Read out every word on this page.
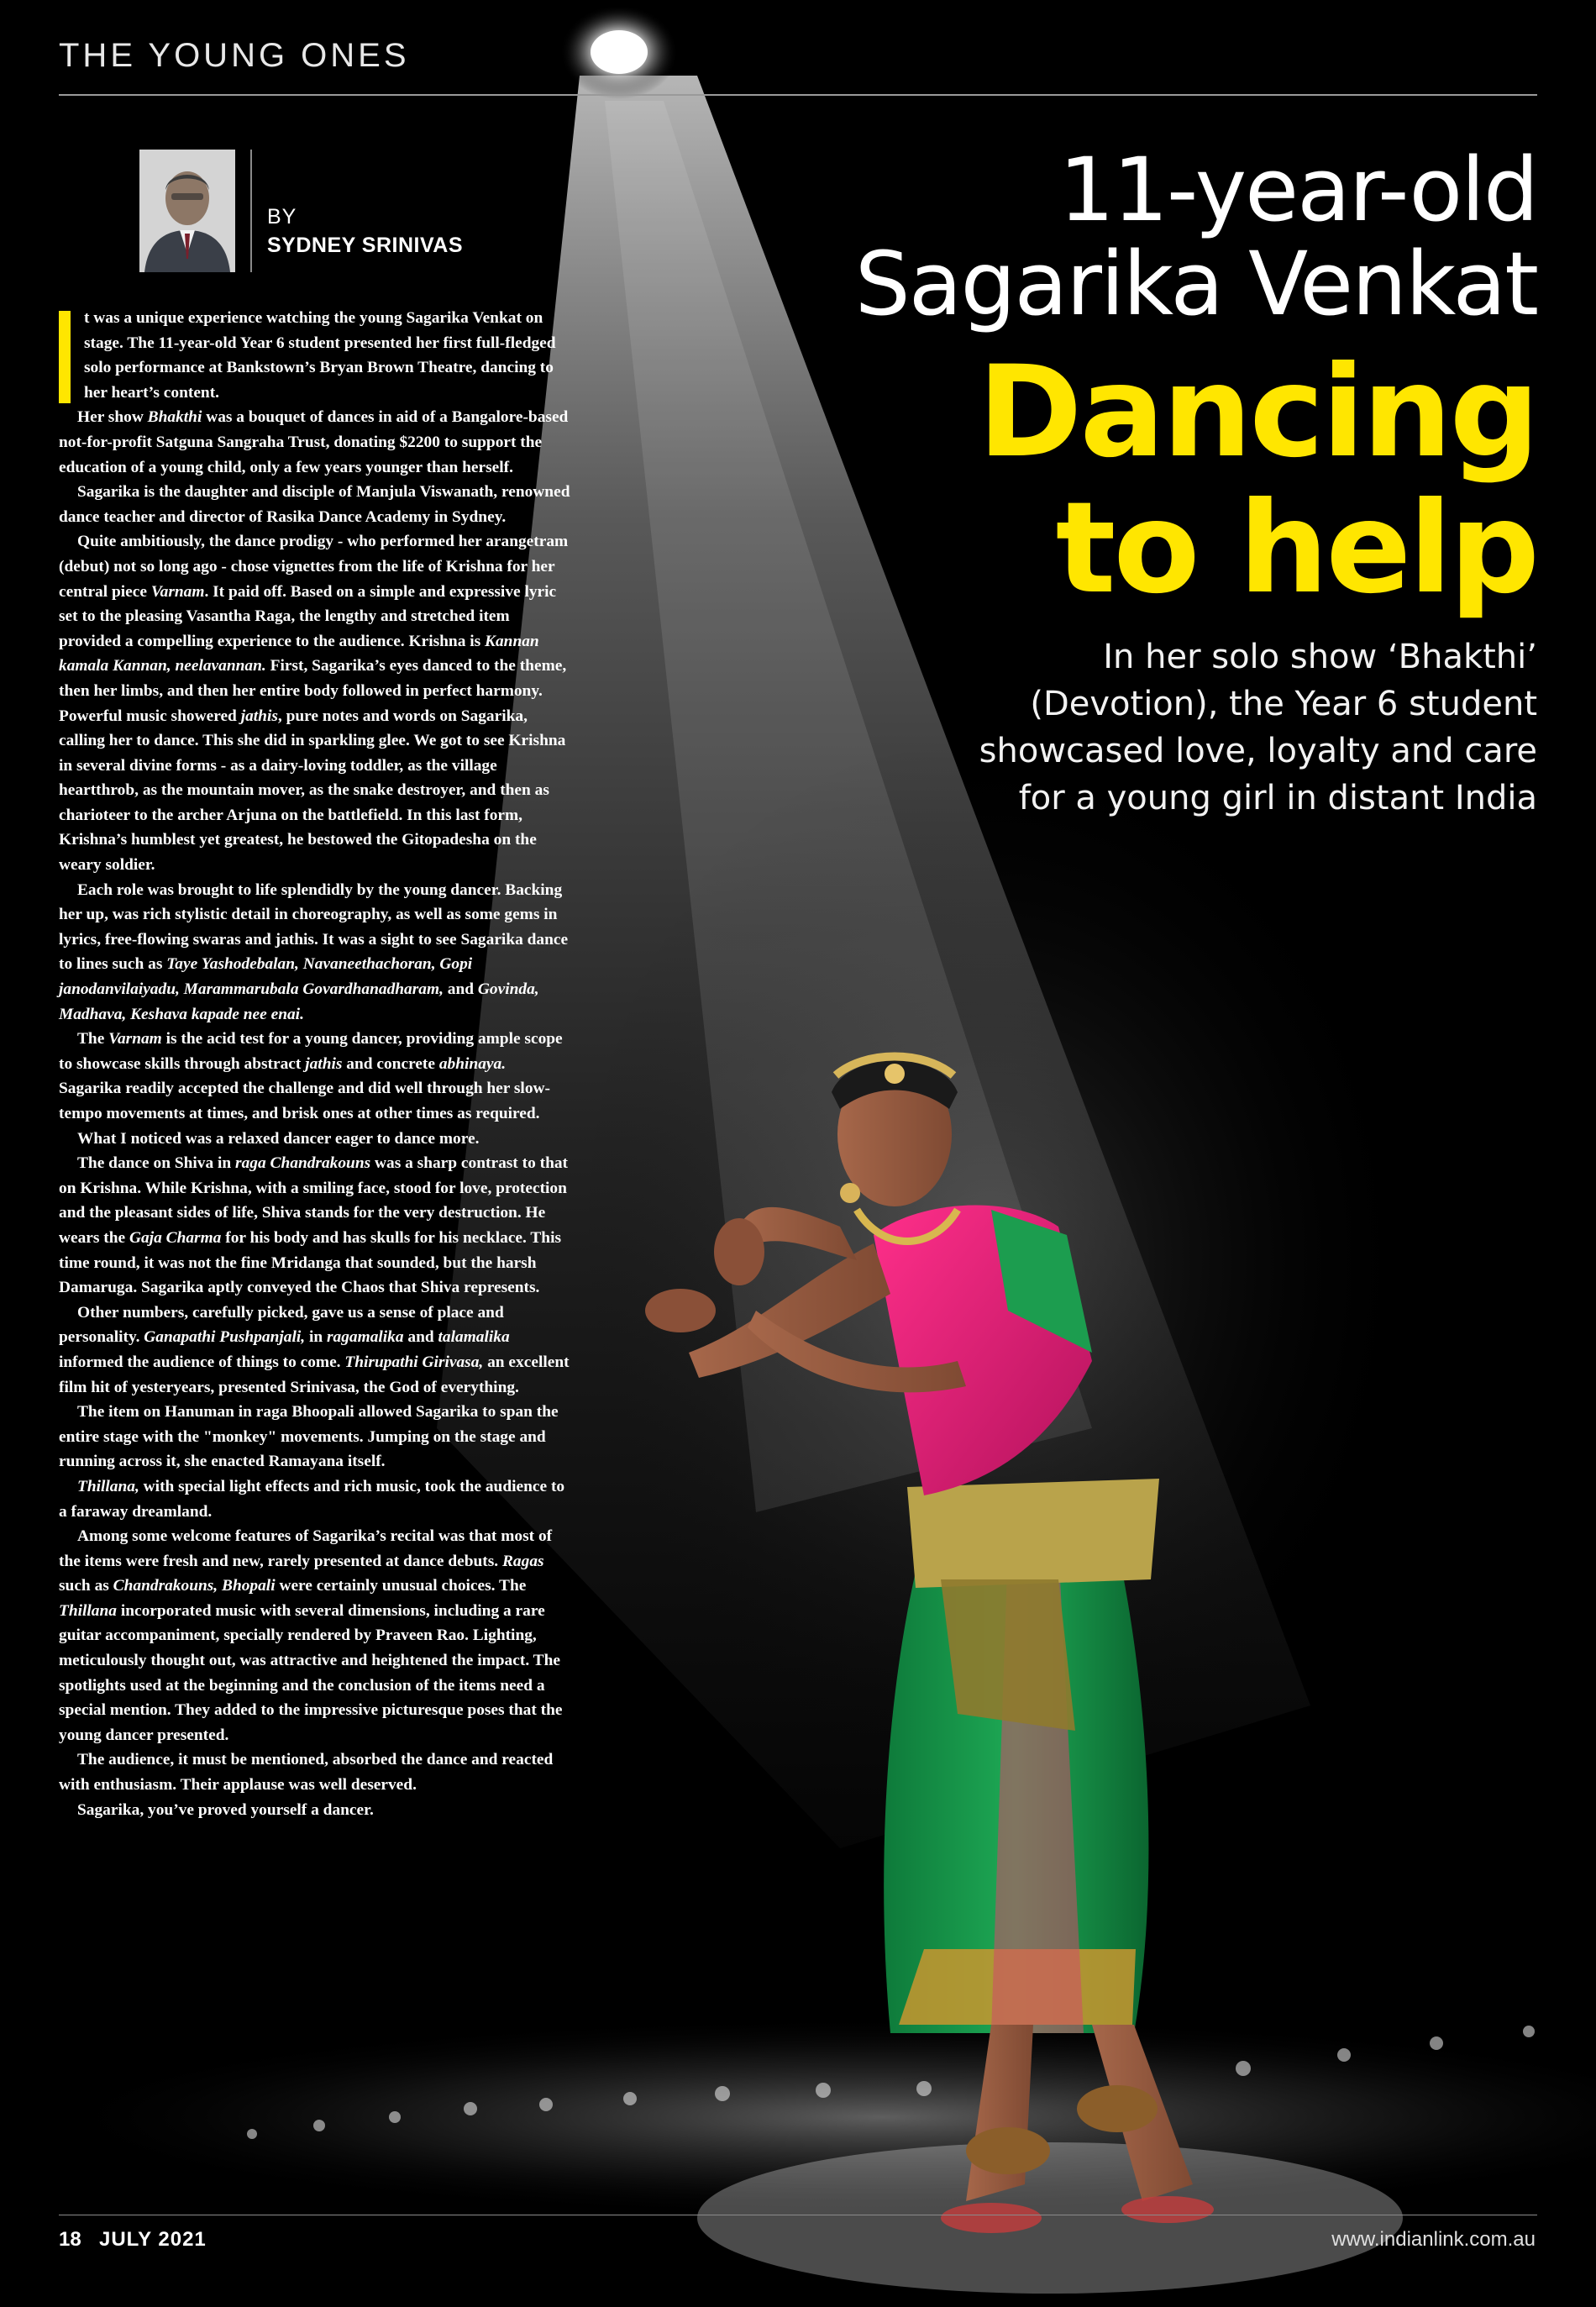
THE YOUNG ONES
BY
SYDNEY SRINIVAS
11-year-old
Sagarika Venkat
Dancing
to help
In her solo show ‘Bhakthi’ (Devotion), the Year 6 student showcased love, loyalty and care for a young girl in distant India

t was a unique experience watching the young Sagarika Venkat on stage. The 11-year-old Year 6 student presented her first full-fledged solo performance at Bankstown’s Bryan Brown Theatre, dancing to her heart’s content.

Her show Bhakthi was a bouquet of dances in aid of a Bangalore-based not-for-profit Satguna Sangraha Trust, donating $2200 to support the education of a young child, only a few years younger than herself.

Sagarika is the daughter and disciple of Manjula Viswanath, renowned dance teacher and director of Rasika Dance Academy in Sydney.

Quite ambitiously, the dance prodigy - who performed her arangetram (debut) not so long ago - chose vignettes from the life of Krishna for her central piece Varnam. It paid off. Based on a simple and expressive lyric set to the pleasing Vasantha Raga, the lengthy and stretched item provided a compelling experience to the audience. Krishna is Kannan kamala Kannan, neelavannan. First, Sagarika’s eyes danced to the theme, then her limbs, and then her entire body followed in perfect harmony. Powerful music showered jathis, pure notes and words on Sagarika, calling her to dance. This she did in sparkling glee. We got to see Krishna in several divine forms - as a dairy-loving toddler, as the village heartthrob, as the mountain mover, as the snake destroyer, and then as charioteer to the archer Arjuna on the battlefield. In this last form, Krishna’s humblest yet greatest, he bestowed the Gitopadesha on the weary soldier.

Each role was brought to life splendidly by the young dancer. Backing her up, was rich stylistic detail in choreography, as well as some gems in lyrics, free-flowing swaras and jathis. It was a sight to see Sagarika dance to lines such as Taye Yashodebalan, Navaneethachoran, Gopi janodanvilaiyadu, Marammarubala Govardhanadharam, and Govinda, Madhava, Keshava kapade nee enai.

The Varnam is the acid test for a young dancer, providing ample scope to showcase skills through abstract jathis and concrete abhinaya. Sagarika readily accepted the challenge and did well through her slow-tempo movements at times, and brisk ones at other times as required.

What I noticed was a relaxed dancer eager to dance more.

The dance on Shiva in raga Chandrakouns was a sharp contrast to that on Krishna. While Krishna, with a smiling face, stood for love, protection and the pleasant sides of life, Shiva stands for the very destruction. He wears the Gaja Charma for his body and has skulls for his necklace. This time round, it was not the fine Mridanga that sounded, but the harsh Damaruga. Sagarika aptly conveyed the Chaos that Shiva represents.

Other numbers, carefully picked, gave us a sense of place and personality. Ganapathi Pushpanjali, in ragamalika and talamalika informed the audience of things to come. Thirupathi Girivasa, an excellent film hit of yesteryears, presented Srinivasa, the God of everything.

The item on Hanuman in raga Bhoopali allowed Sagarika to span the entire stage with the "monkey" movements. Jumping on the stage and running across it, she enacted Ramayana itself.

Thillana, with special light effects and rich music, took the audience to a faraway dreamland.

Among some welcome features of Sagarika’s recital was that most of the items were fresh and new, rarely presented at dance debuts. Ragas such as Chandrakouns, Bhopali were certainly unusual choices. The Thillana incorporated music with several dimensions, including a rare guitar accompaniment, specially rendered by Praveen Rao. Lighting, meticulously thought out, was attractive and heightened the impact. The spotlights used at the beginning and the conclusion of the items need a special mention. They added to the impressive picturesque poses that the young dancer presented.

The audience, it must be mentioned, absorbed the dance and reacted with enthusiasm. Their applause was well deserved.

Sagarika, you’ve proved yourself a dancer.

18 JULY 2021	www.indianlink.com.au
